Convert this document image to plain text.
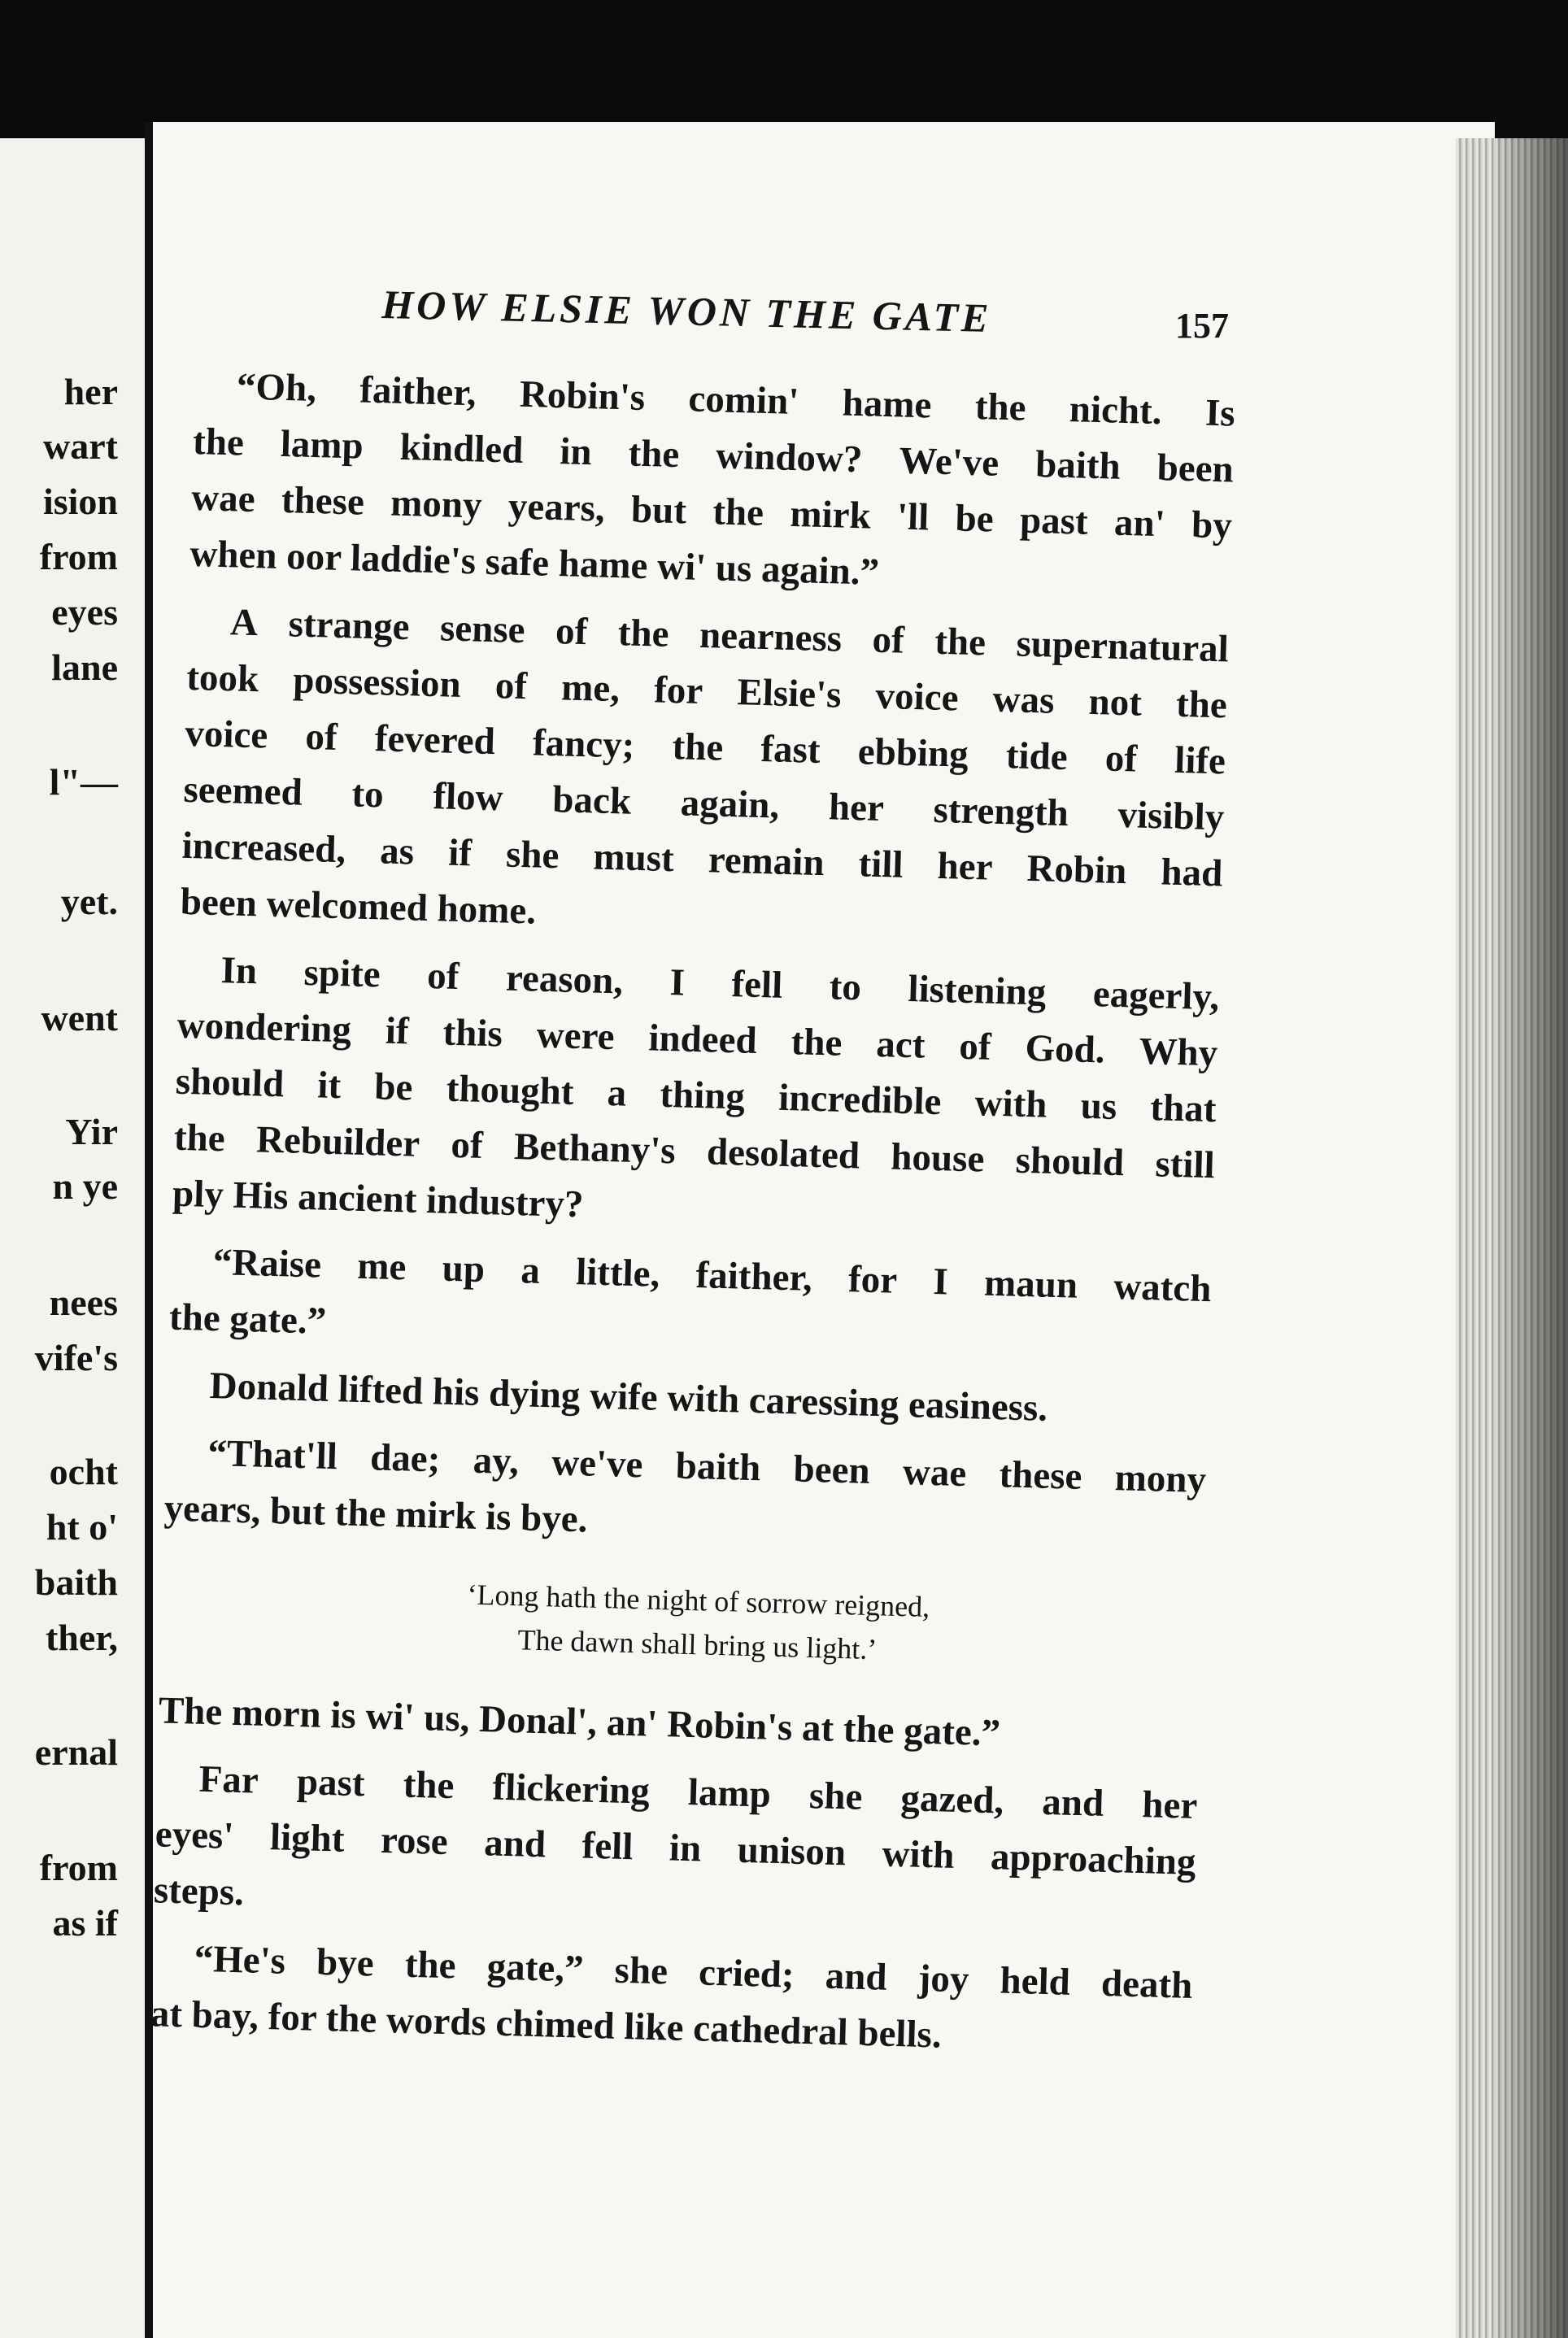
her
wart
ision
from
eyes
lane
l"—
yet.
went
Yir
n ye
nees
vife's
ocht
ht o'
baith
ther,
ernal
from
as if
HOW ELSIE WON THE GATE	157
“Oh, faither, Robin's comin' hame the nicht. Is
the lamp kindled in the window? We've baith been
wae these mony years, but the mirk 'll be past an' by
when oor laddie's safe hame wi' us again.”
A strange sense of the nearness of the supernatural
took possession of me, for Elsie's voice was not the
voice of fevered fancy; the fast ebbing tide of life
seemed to flow back again, her strength visibly
increased, as if she must remain till her Robin had
been welcomed home.
In spite of reason, I fell to listening eagerly,
wondering if this were indeed the act of God. Why
should it be thought a thing incredible with us that
the Rebuilder of Bethany's desolated house should still
ply His ancient industry?
“Raise me up a little, faither, for I maun watch
the gate.”
Donald lifted his dying wife with caressing easiness.
“That'll dae; ay, we've baith been wae these mony
years, but the mirk is bye.
‘Long hath the night of sorrow reigned,
The dawn shall bring us light.’
The morn is wi' us, Donal', an' Robin's at the gate.”
Far past the flickering lamp she gazed, and her
eyes' light rose and fell in unison with approaching
steps.
“He's bye the gate,” she cried; and joy held death
at bay, for the words chimed like cathedral bells.
